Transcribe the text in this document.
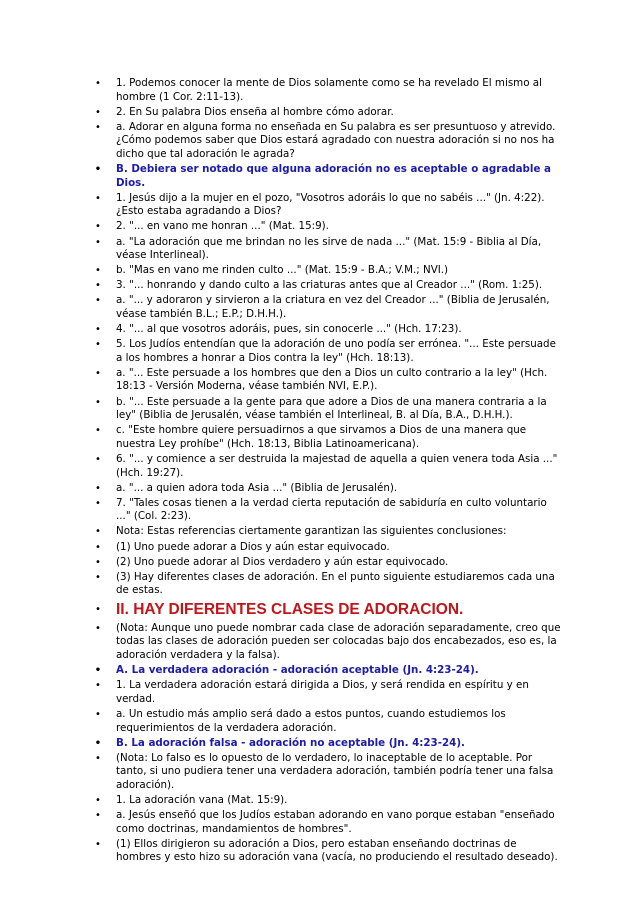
• 1. Podemos conocer la mente de Dios solamente como se ha revelado El mismo al hombre (1 Cor. 2:11-13).
• 2. En Su palabra Dios enseña al hombre cómo adorar.
• a. Adorar en alguna forma no enseñada en Su palabra es ser presuntuoso y atrevido. ¿Cómo podemos saber que Dios estará agradado con nuestra adoración si no nos ha dicho que tal adoración le agrada?
• B. Debiera ser notado que alguna adoración no es aceptable o agradable a Dios.
• 1. Jesús dijo a la mujer en el pozo, "Vosotros adoráis lo que no sabéis ..." (Jn. 4:22). ¿Esto estaba agradando a Dios?
• 2. "... en vano me honran ..." (Mat. 15:9).
• a. "La adoración que me brindan no les sirve de nada ..." (Mat. 15:9 - Biblia al Día, véase Interlineal).
• b. "Mas en vano me rinden culto ..." (Mat. 15:9 - B.A.; V.M.; NVI.)
• 3. "... honrando y dando culto a las criaturas antes que al Creador ..." (Rom. 1:25).
• a. "... y adoraron y sirvieron a la criatura en vez del Creador ..." (Biblia de Jerusalén, véase también B.L.; E.P.; D.H.H.).
• 4. "... al que vosotros adoráis, pues, sin conocerle ..." (Hch. 17:23).
• 5. Los Judíos entendían que la adoración de uno podía ser errónea. "... Este persuade a los hombres a honrar a Dios contra la ley" (Hch. 18:13).
• a. "... Este persuade a los hombres que den a Dios un culto contrario a la ley" (Hch. 18:13 - Versión Moderna, véase también NVI, E.P.).
• b. "... Este persuade a la gente para que adore a Dios de una manera contraria a la ley" (Biblia de Jerusalén, véase también el Interlineal, B. al Día, B.A., D.H.H.).
• c. "Este hombre quiere persuadirnos a que sirvamos a Dios de una manera que nuestra Ley prohíbe" (Hch. 18:13, Biblia Latinoamericana).
• 6. "... y comience a ser destruida la majestad de aquella a quien venera toda Asia ..." (Hch. 19:27).
• a. "... a quien adora toda Asia ..." (Biblia de Jerusalén).
• 7. "Tales cosas tienen a la verdad cierta reputación de sabiduría en culto voluntario ..." (Col. 2:23).
• Nota: Estas referencias ciertamente garantizan las siguientes conclusiones:
• (1) Uno puede adorar a Dios y aún estar equivocado.
• (2) Uno puede adorar al Dios verdadero y aún estar equivocado.
• (3) Hay diferentes clases de adoración. En el punto siguiente estudiaremos cada una de estas.
• II. HAY DIFERENTES CLASES DE ADORACION.
• (Nota: Aunque uno puede nombrar cada clase de adoración separadamente, creo que todas las clases de adoración pueden ser colocadas bajo dos encabezados, eso es, la adoración verdadera y la falsa).
• A. La verdadera adoración - adoración aceptable (Jn. 4:23-24).
• 1. La verdadera adoración estará dirigida a Dios, y será rendida en espíritu y en verdad.
• a. Un estudio más amplio será dado a estos puntos, cuando estudiemos los requerimientos de la verdadera adoración.
• B. La adoración falsa - adoración no aceptable (Jn. 4:23-24).
• (Nota: Lo falso es lo opuesto de lo verdadero, lo inaceptable de lo aceptable. Por tanto, si uno pudiera tener una verdadera adoración, también podría tener una falsa adoración).
• 1. La adoración vana (Mat. 15:9).
• a. Jesús enseñó que los Judíos estaban adorando en vano porque estaban "enseñado como doctrinas, mandamientos de hombres".
• (1) Ellos dirigieron su adoración a Dios, pero estaban enseñando doctrinas de hombres y esto hizo su adoración vana (vacía, no produciendo el resultado deseado).
